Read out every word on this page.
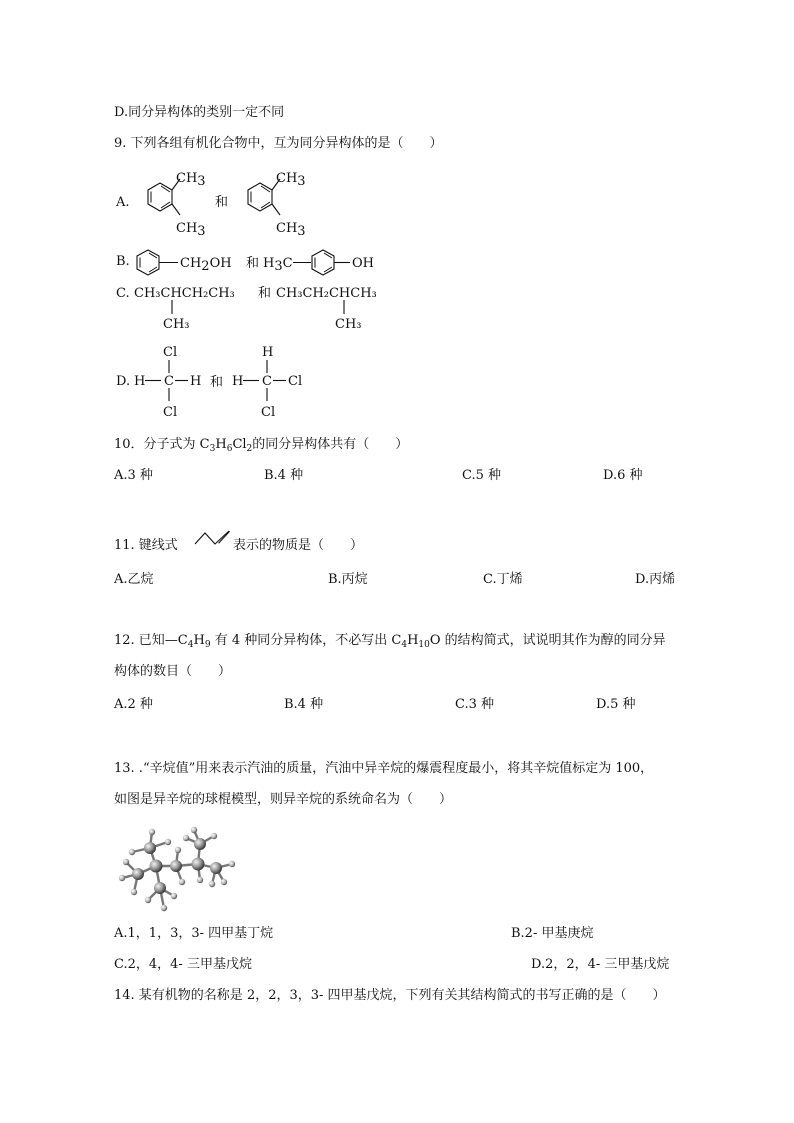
D.同分异构体的类别一定不同
9. 下列各组有机化合物中，互为同分异构体的是（　　）
A.
CH3
CH3
和
CH3
CH3
B.	CH2OH 和 H3C	OH
C. CH₃CHCH₂CH₃ 和 CH₃CH₂CHCH₃
CH₃	CH₃
D.
Cl
H C H
Cl
和
H
H C Cl
Cl
10．分子式为 $C_3H_6Cl_2$的同分异构体共有（　　）
A.3 种	B.4 种	C.5 种	D.6 种
11. 键线式	表示的物质是（　　）
A.乙烷	B.丙烷	C.丁烯	D.丙烯
12. 已知$—C_4H_9$ 有 4 种同分异构体，不必写出 $C_4H_{10}O$ 的结构简式，试说明其作为醇的同分异
构体的数目（　　）
A.2 种	B.4 种	C.3 种	D.5 种
13. .“辛烷值”用来表示汽油的质量，汽油中异辛烷的爆震程度最小，将其辛烷值标定为 100，
如图是异辛烷的球棍模型，则异辛烷的系统命名为（　　）
A.1，1，3，3- 四甲基丁烷	B.2- 甲基庚烷
C.2，4，4- 三甲基戊烷	D.2，2，4- 三甲基戊烷
14. 某有机物的名称是 2，2，3，3- 四甲基戊烷，下列有关其结构简式的书写正确的是（　　）
